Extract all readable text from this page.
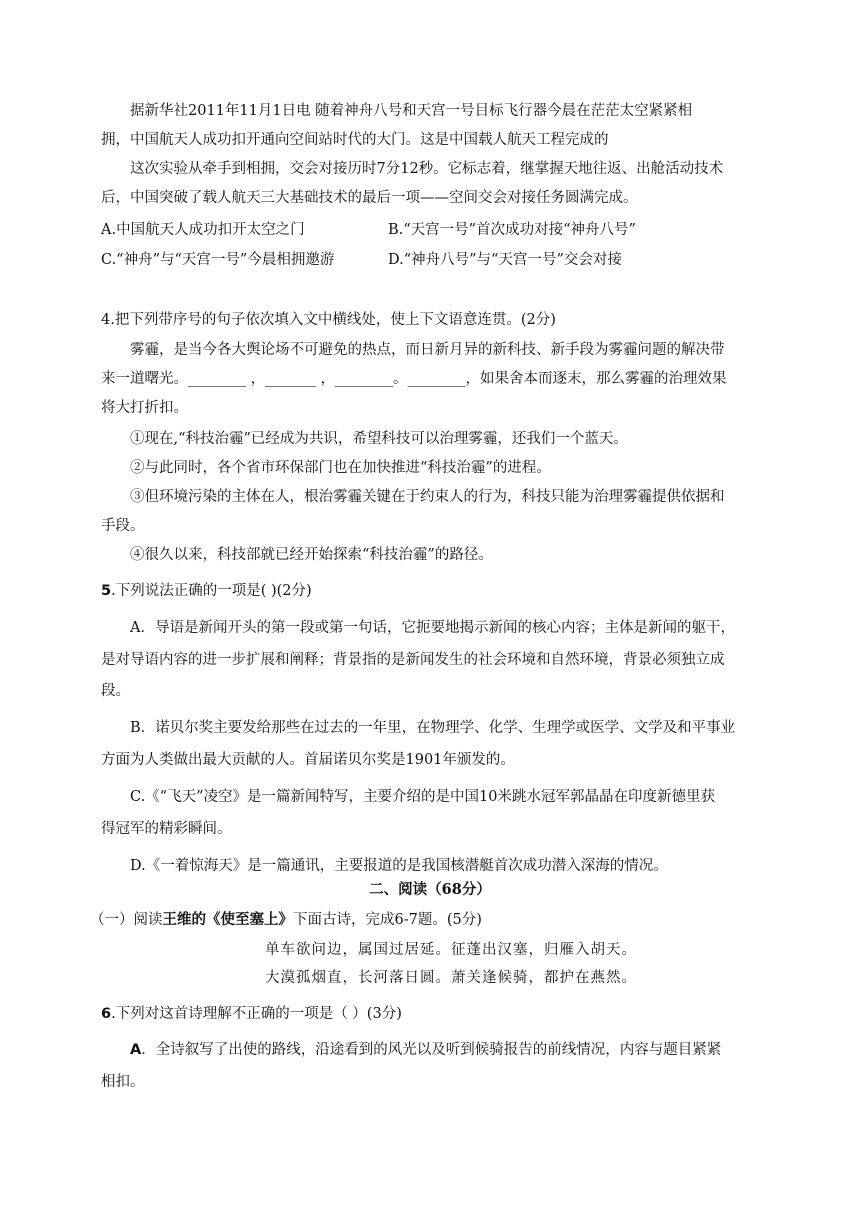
据新华社2011年11月1日电 随着神舟八号和天宫一号目标飞行器今晨在茫茫太空紧紧相
拥，中国航天人成功扣开通向空间站时代的大门。这是中国载人航天工程完成的
这次实验从牵手到相拥，交会对接历时7分12秒。它标志着，继掌握天地往返、出舱活动技术
后，中国突破了载人航天三大基础技术的最后一项——空间交会对接任务圆满完成。
A.中国航天人成功扣开太空之门	B.“天宫一号”首次成功对接“神舟八号”
C.“神舟”与“天宫一号”今晨相拥邀游	D.“神舟八号”与“天宫一号”交会对接
4.把下列带序号的句子依次填入文中横线处，使上下文语意连贯。(2分)
雾霾，是当今各大舆论场不可避免的热点，而日新月异的新科技、新手段为雾霾问题的解决带
来一道曙光。________ ，_______ ，________。________，如果舍本而逐末，那么雾霾的治理效果
将大打折扣。
①现在,“科技治霾”已经成为共识，希望科技可以治理雾霾，还我们一个蓝天。
②与此同时，各个省市环保部门也在加快推进“科技治霾”的进程。
③但环境污染的主体在人，根治雾霾关键在于约束人的行为，科技只能为治理雾霾提供依据和
手段。
④很久以来，科技部就已经开始探索“科技治霾”的路径。
5.下列说法正确的一项是( )(2分)
A．导语是新闻开头的第一段或第一句话，它扼要地揭示新闻的核心内容；主体是新闻的躯干，
是对导语内容的进一步扩展和阐释；背景指的是新闻发生的社会环境和自然环境，背景必须独立成
段。
B．诺贝尔奖主要发给那些在过去的一年里，在物理学、化学、生理学或医学、文学及和平事业
方面为人类做出最大贡献的人。首届诺贝尔奖是1901年颁发的。
C.《“飞天”凌空》是一篇新闻特写，主要介绍的是中国10米跳水冠军郭晶晶在印度新德里获
得冠军的精彩瞬间。
D.《一着惊海天》是一篇通讯，主要报道的是我国核潜艇首次成功潜入深海的情况。
二、阅读（68分）
（一）阅读王维的《使至塞上》下面古诗，完成6-7题。(5分)
单车欲问边，属国过居延。征蓬出汉塞，归雁入胡天。
大漠孤烟直，长河落日圆。萧关逢候骑，都护在燕然。
6.下列对这首诗理解不正确的一项是（ ）(3分)
A．全诗叙写了出使的路线，沿途看到的风光以及听到候骑报告的前线情况，内容与题目紧紧
相扣。
